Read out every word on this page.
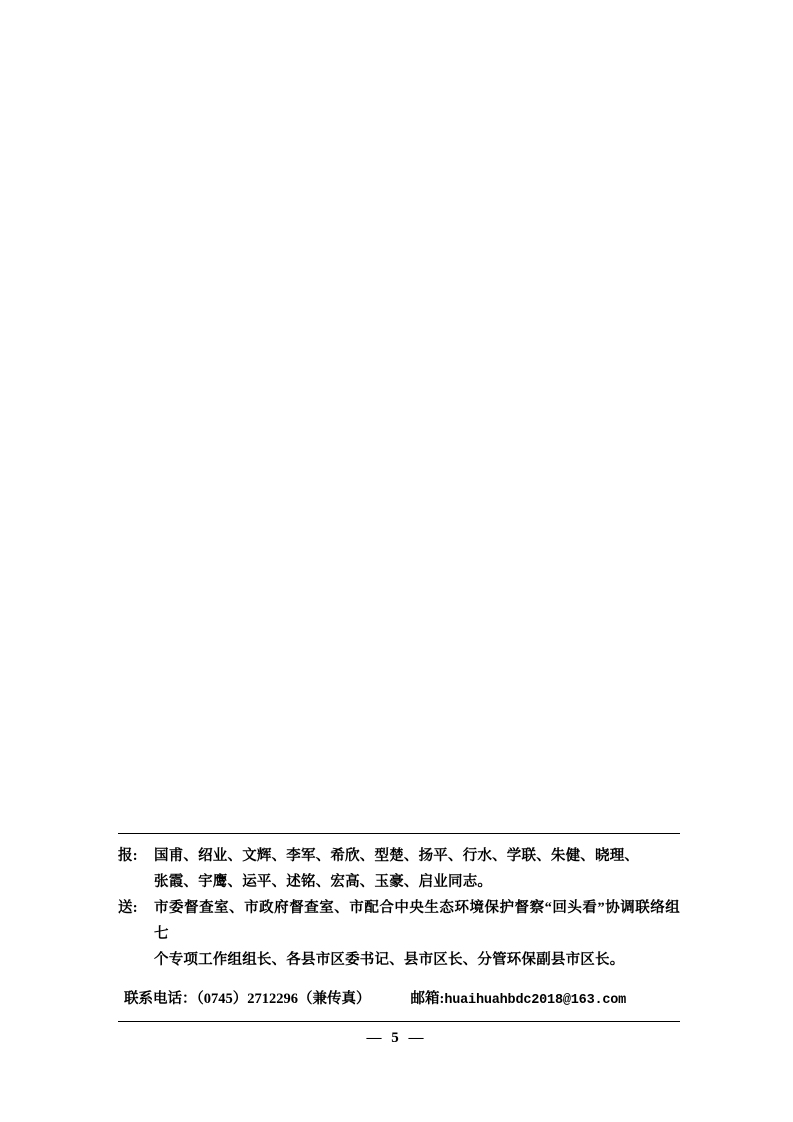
报:	国甫、绍业、文辉、李军、希欣、型楚、扬平、行水、学联、朱健、晓理、
张霞、宇鹰、运平、述铭、宏高、玉豪、启业同志。
送:	市委督查室、市政府督查室、市配合中央生态环境保护督察“回头看”协调联络组七
个专项工作组组长、各县市区委书记、县市区长、分管环保副县市区长。
联系电话：（0745）2712296（兼传真）	邮箱: huaihuahbdc2018@163.com
— 5 —
